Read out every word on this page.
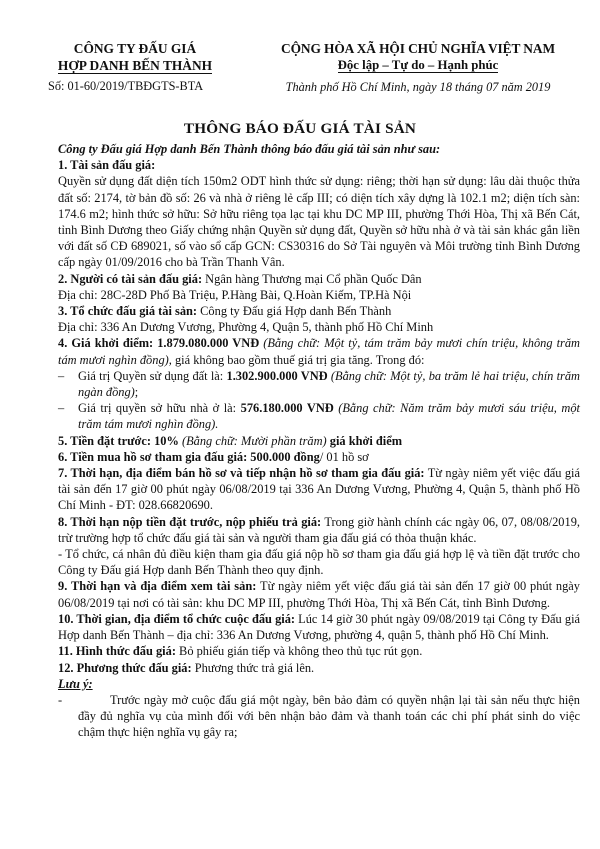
CÔNG TY ĐẤU GIÁ
HỢP DANH BẾN THÀNH
Số: 01-60/2019/TBĐGTS-BTA
CỘNG HÒA XÃ HỘI CHỦ NGHĨA VIỆT NAM
Độc lập – Tự do – Hạnh phúc
Thành phố Hồ Chí Minh, ngày 18 tháng 07 năm 2019
THÔNG BÁO ĐẤU GIÁ TÀI SẢN

Công ty Đấu giá Hợp danh Bến Thành thông báo đấu giá tài sản như sau:

1. Tài sản đấu giá:

Quyền sử dụng đất diện tích 150m2 ODT hình thức sử dụng: riêng; thời hạn sử dụng: lâu dài thuộc thửa đất số: 2174, tờ bản đồ số: 26 và nhà ở riêng lẻ cấp III; có diện tích xây dựng là 102.1 m2; diện tích sàn: 174.6 m2; hình thức sở hữu: Sở hữu riêng tọa lạc tại khu DC MP III, phường Thới Hòa, Thị xã Bến Cát, tỉnh Bình Dương theo Giấy chứng nhận Quyền sử dụng đất, Quyền sở hữu nhà ở và tài sản khác gắn liền với đất số CĐ 689021, số vào sổ cấp GCN: CS30316 do Sở Tài nguyên và Môi trường tỉnh Bình Dương cấp ngày 01/09/2016 cho bà Trần Thanh Vân.

2. Người có tài sản đấu giá: Ngân hàng Thương mại Cổ phần Quốc Dân

Địa chỉ: 28C-28D Phố Bà Triệu, P.Hàng Bài, Q.Hoàn Kiếm, TP.Hà Nội

3. Tổ chức đấu giá tài sản: Công ty Đấu giá Hợp danh Bến Thành

Địa chỉ: 336 An Dương Vương, Phường 4, Quận 5, thành phố Hồ Chí Minh

4. Giá khởi điểm: 1.879.080.000 VNĐ (Bằng chữ: Một tỷ, tám trăm bảy mươi chín triệu, không trăm tám mươi nghìn đồng), giá không bao gồm thuế giá trị gia tăng. Trong đó:

–	Giá trị Quyền sử dụng đất là: 1.302.900.000 VNĐ (Bằng chữ: Một tỷ, ba trăm lẻ hai triệu, chín trăm ngàn đồng);
–	Giá trị quyền sở hữu nhà ở là: 576.180.000 VNĐ (Bằng chữ: Năm trăm bảy mươi sáu triệu, một trăm tám mươi nghìn đồng).

5. Tiền đặt trước: 10% (Bằng chữ: Mười phần trăm) giá khởi điểm

6. Tiền mua hồ sơ tham gia đấu giá: 500.000 đồng/ 01 hồ sơ

7. Thời hạn, địa điểm bán hồ sơ và tiếp nhận hồ sơ tham gia đấu giá: Từ ngày niêm yết việc đấu giá tài sản đến 17 giờ 00 phút ngày 06/08/2019 tại 336 An Dương Vương, Phường 4, Quận 5, thành phố Hồ Chí Minh - ĐT: 028.66820690.

8. Thời hạn nộp tiền đặt trước, nộp phiếu trả giá: Trong giờ hành chính các ngày 06, 07, 08/08/2019, trừ trường hợp tổ chức đấu giá tài sản và người tham gia đấu giá có thỏa thuận khác.

- Tổ chức, cá nhân đủ điều kiện tham gia đấu giá nộp hồ sơ tham gia đấu giá hợp lệ và tiền đặt trước cho Công ty Đấu giá Hợp danh Bến Thành theo quy định.

9. Thời hạn và địa điểm xem tài sản: Từ ngày niêm yết việc đấu giá tài sản đến 17 giờ 00 phút ngày 06/08/2019 tại nơi có tài sản: khu DC MP III, phường Thới Hòa, Thị xã Bến Cát, tỉnh Bình Dương.

10. Thời gian, địa điểm tổ chức cuộc đấu giá: Lúc 14 giờ 30 phút ngày 09/08/2019 tại Công ty Đấu giá Hợp danh Bến Thành – địa chỉ: 336 An Dương Vương, phường 4, quận 5, thành phố Hồ Chí Minh.

11. Hình thức đấu giá: Bỏ phiếu gián tiếp và không theo thủ tục rút gọn.

12. Phương thức đấu giá: Phương thức trả giá lên.

Lưu ý:

-	Trước ngày mở cuộc đấu giá một ngày, bên bảo đảm có quyền nhận lại tài sản nếu thực hiện đầy đủ nghĩa vụ của mình đối với bên nhận bảo đảm và thanh toán các chi phí phát sinh do việc chậm thực hiện nghĩa vụ gây ra;
